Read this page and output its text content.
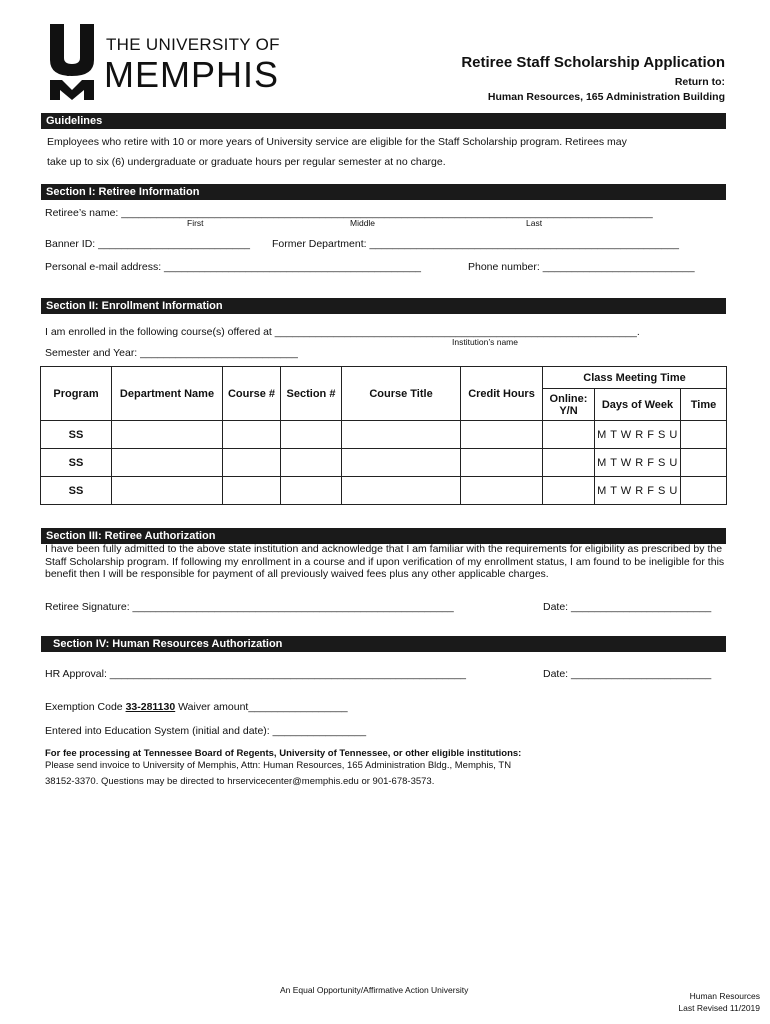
of
THE UNIVERSITY OF
MEMPHIS	Retiree Staff Scholarship Application
Return to:
Human Resources, 165 Administration Building
Guidelines
Employees who retire with 10 or more years of University service are eligible for the Staff Scholarship program. Retirees may
take up to six (6) undergraduate or graduate hours per regular semester at no charge.
Section I: Retiree Information
Retiree’s name: ___________________________________________________________________________________________
First	Middle	Last
Banner ID: __________________________ Former Department: _____________________________________________________
Personal e-mail address: ____________________________________________	Phone number: __________________________
Section II: Enrollment Information
I am enrolled in the following course(s) offered at ______________________________________________________________.
Institution’s name
Semester and Year: ___________________________
Program	Department Name	Course #	Section #	Course Title	Credit Hours	Class Meeting Time		
						Online: Y/N	Days of Week	Time
SS							M T W R F S U	
SS							M T W R F S U	
SS							M T W R F S U	
Section III: Retiree Authorization
I have been fully admitted to the above state institution and acknowledge that I am familiar with the requirements for eligibility as prescribed by the Staff Scholarship program. If following my enrollment in a course and if upon verification of my enrollment status, I am found to be ineligible for this benefit then I will be responsible for payment of all previously waived fees plus any other applicable charges.
Retiree Signature: _______________________________________________________	Date: ________________________
Section IV: Human Resources Authorization
HR Approval: _____________________________________________________________	Date: ________________________
Exemption Code 33-281130 Waiver amount_________________
Entered into Education System (initial and date): ________________
For fee processing at Tennessee Board of Regents, University of Tennessee, or other eligible institutions:
Please send invoice to University of Memphis, Attn: Human Resources, 165 Administration Bldg., Memphis, TN
38152-3370. Questions may be directed to hrservicecenter@memphis.edu or 901-678-3573.
An Equal Opportunity/Affirmative Action University
Human Resources
Last Revised 11/2019
